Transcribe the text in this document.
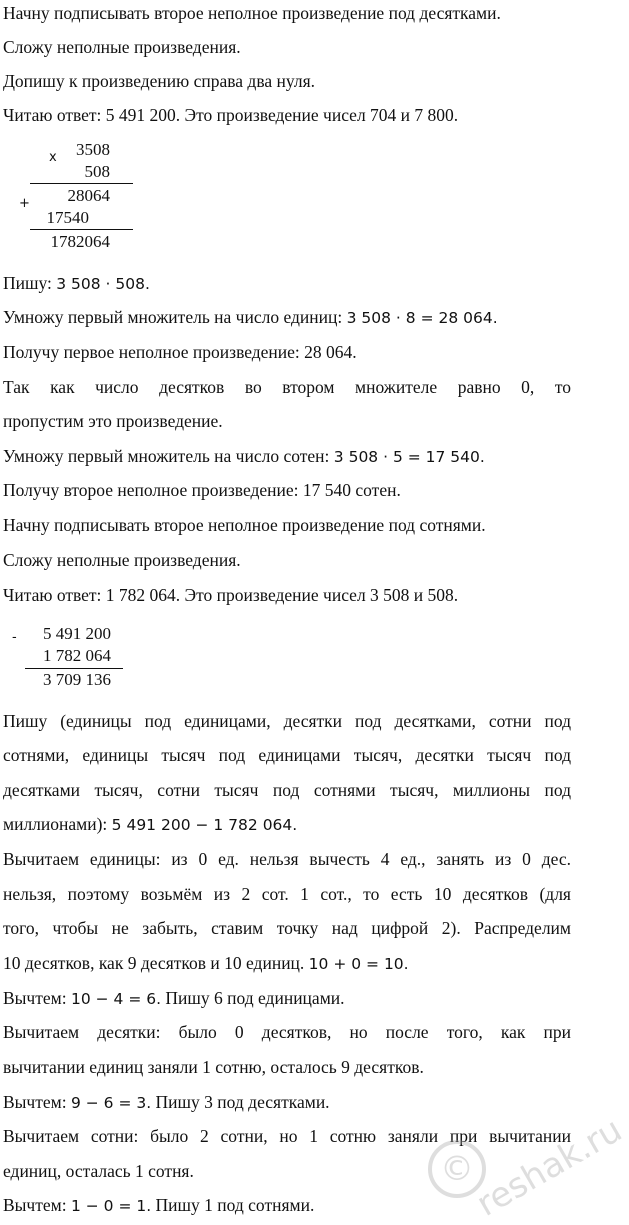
Начну подписывать второе неполное произведение под десятками.
Сложу неполные произведения.
Допишу к произведению справа два нуля.
Читаю ответ: 5 491 200. Это произведение чисел 704 и 7 800.
x	3508
508
+	28064
17540
1782064
Пишу: 3 508 · 508.
Умножу первый множитель на число единиц: 3 508 · 8 = 28 064.
Получу первое неполное произведение: 28 064.
Так как число десятков во втором множителе равно 0, то
пропустим это произведение.
Умножу первый множитель на число сотен: 3 508 · 5 = 17 540.
Получу второе неполное произведение: 17 540 сотен.
Начну подписывать второе неполное произведение под сотнями.
Сложу неполные произведения.
Читаю ответ: 1 782 064. Это произведение чисел 3 508 и 508.
-	5 491 200
1 782 064
3 709 136
Пишу (единицы под единицами, десятки под десятками, сотни под
сотнями, единицы тысяч под единицами тысяч, десятки тысяч под
десятками тысяч, сотни тысяч под сотнями тысяч, миллионы под
миллионами): 5 491 200 − 1 782 064.
Вычитаем единицы: из 0 ед. нельзя вычесть 4 ед., занять из 0 дес.
нельзя, поэтому возьмём из 2 сот. 1 сот., то есть 10 десятков (для
того, чтобы не забыть, ставим точку над цифрой 2). Распределим
10 десятков, как 9 десятков и 10 единиц. 10 + 0 = 10.
Вычтем: 10 − 4 = 6. Пишу 6 под единицами.
Вычитаем десятки: было 0 десятков, но после того, как при
вычитании единиц заняли 1 сотню, осталось 9 десятков.
Вычтем: 9 − 6 = 3. Пишу 3 под десятками.
Вычитаем сотни: было 2 сотни, но 1 сотню заняли при вычитании
единиц, осталась 1 сотня.
Вычтем: 1 − 0 = 1. Пишу 1 под сотнями.
©
reshak.ru
